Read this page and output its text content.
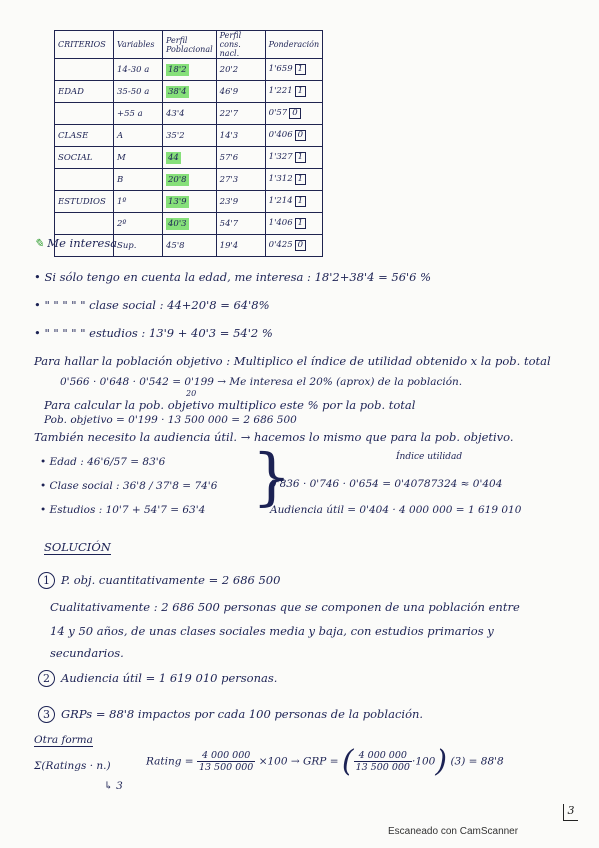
CRITERIOS	Variables	Perfil Poblacional	Perfil cons. nacl.	Ponderación
	14-30 a	18'2	20'2	1'659 1
EDAD	35-50 a	38'4	46'9	1'221 1
	+55 a	43'4	22'7	0'57 0
CLASE	A	35'2	14'3	0'406 0
SOCIAL	M	44	57'6	1'327 1
	B	20'8	27'3	1'312 1
ESTUDIOS	1º	13'9	23'9	1'214 1
	2º	40'3	54'7	1'406 1
	Sup.	45'8	19'4	0'425 0
✎ Me interesa
• Si sólo tengo en cuenta la edad, me interesa : 18'2+38'4 = 56'6 %
• " " " " " clase social : 44+20'8 = 64'8%
• " " " " " estudios : 13'9 + 40'3 = 54'2 %
Para hallar la población objetivo : Multiplico el índice de utilidad obtenido x la pob. total
0'566 · 0'648 · 0'542 = 0'199 → Me interesa el 20% (aprox) de la población.
20
Para calcular la pob. objetivo multiplico este % por la pob. total
Pob. objetivo = 0'199 · 13 500 000 = 2 686 500
También necesito la audiencia útil. → hacemos lo mismo que para la pob. objetivo.
• Edad : 46'6/57 = 83'6
• Clase social : 36'8 / 37'8 = 74'6
• Estudios : 10'7 + 54'7 = 63'4 }	Índice utilidad
0'836 · 0'746 · 0'654 = 0'40787324 ≈ 0'404
Audiencia útil = 0'404 · 4 000 000 = 1 619 010
SOLUCIÓN
1 P. obj. cuantitativamente = 2 686 500
Cualitativamente : 2 686 500 personas que se componen de una población entre
14 y 50 años, de unas clases sociales media y baja, con estudios primarios y
secundarios.
2 Audiencia útil = 1 619 010 personas.
3 GRPs = 88'8 impactos por cada 100 personas de la población.
Otra forma
Σ(Ratings · n.)
↳ 3
Rating = $\frac{4 000 000}{13 500 000} \times 100$ → GRP = ( $\frac{4 000 000}{13 500 000} \cdot 100$) (3) = 88'8
3
Escaneado con CamScanner
